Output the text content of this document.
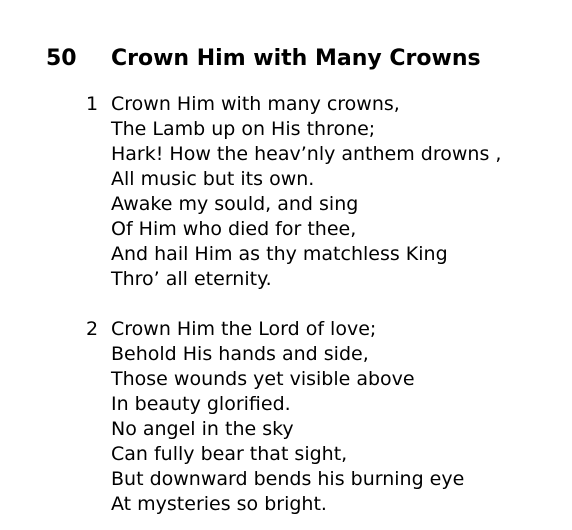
50 Crown Him with Many Crowns
1 Crown Him with many crowns,
The Lamb up on His throne;
Hark! How the heav’nly anthem drowns ,
All music but its own.
Awake my sould, and sing
Of Him who died for thee,
And hail Him as thy matchless King
Thro’ all eternity.
2 Crown Him the Lord of love;
Behold His hands and side,
Those wounds yet visible above
In beauty glorified.
No angel in the sky
Can fully bear that sight,
But downward bends his burning eye
At mysteries so bright.
